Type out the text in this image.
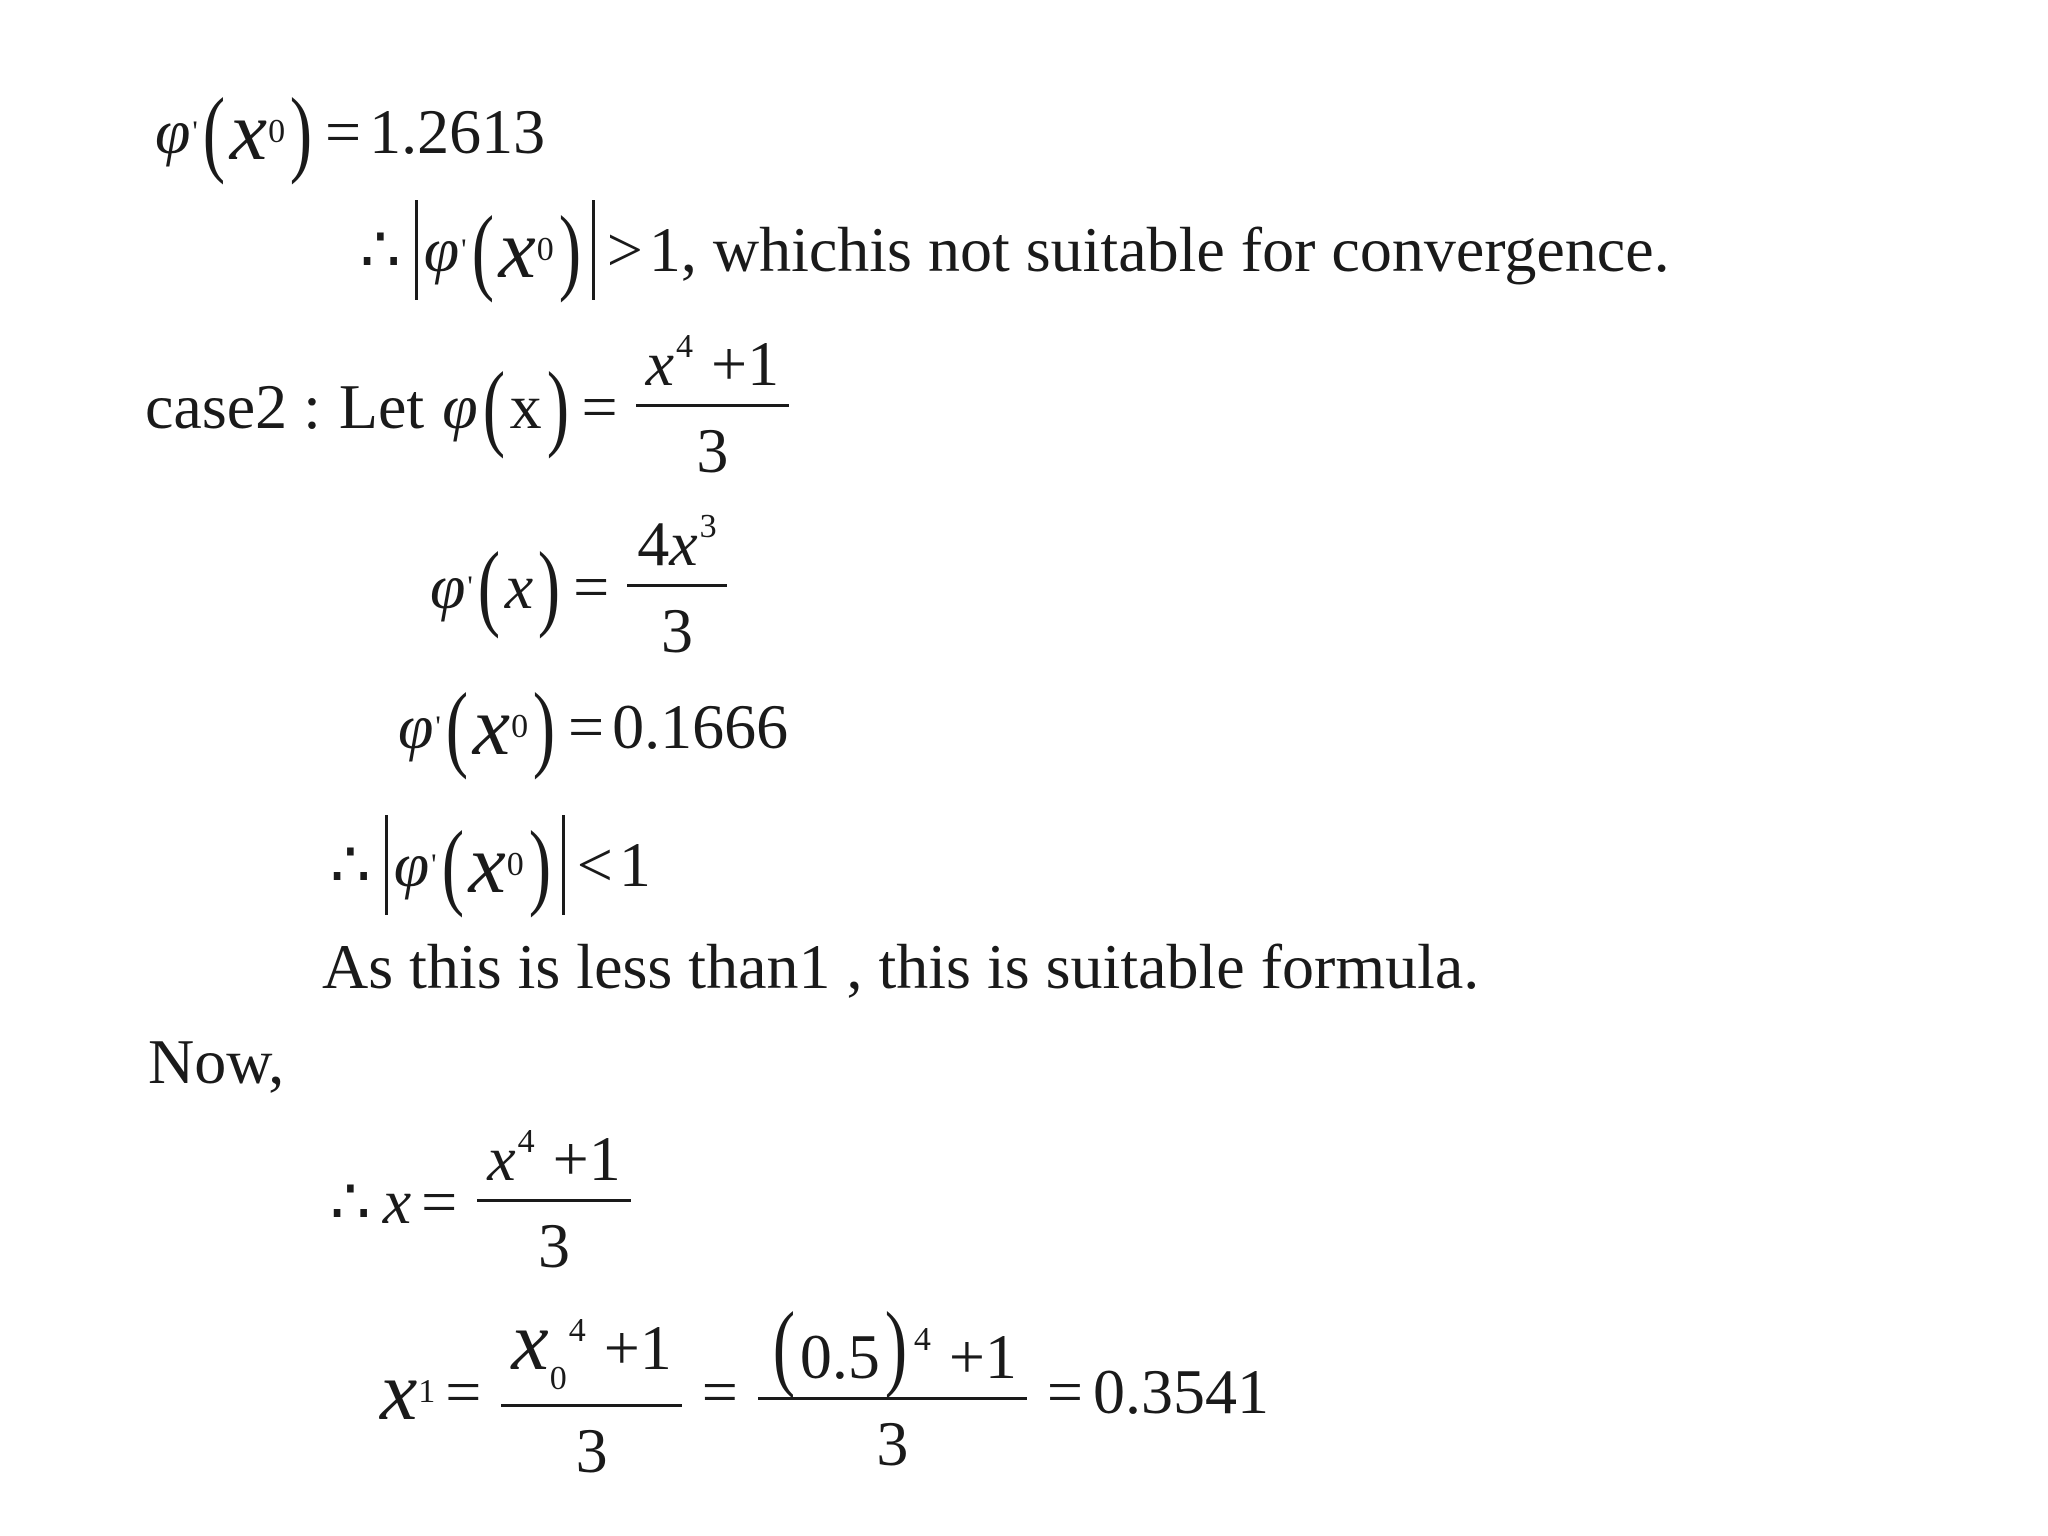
φ ' ( x 0 ) = 1.2613
∴ φ ' ( x 0 ) > 1 , whichis not suitable for convergence.
case2 : Let φ ( x ) = $\frac{x^4 +1}{3}$
φ ' ( x ) = $\frac{4x^3}{3}$
φ ' ( x 0 ) = 0.1666
∴ φ ' ( x 0 ) < 1
As this is less than1 , this is suitable formula.
Now,
∴ $x = \frac{x^4 +1}{3}$
x $1 = \frac{x_0^4 +1}{3} = \frac{(0.5) ^4 +1}{3} = 0.3541$
